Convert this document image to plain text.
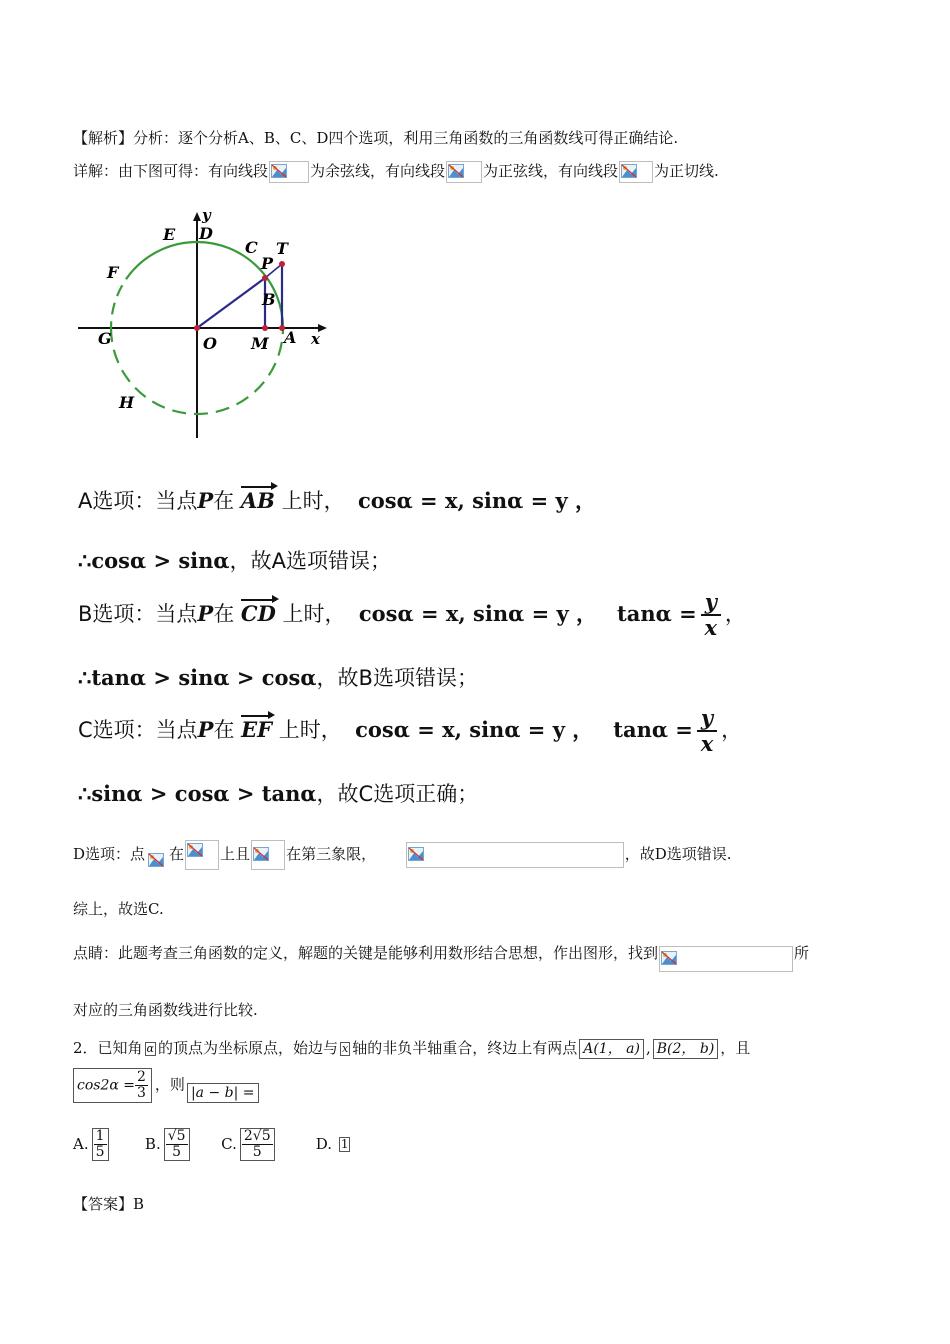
【解析】分析：逐个分析A、B、C、D四个选项，利用三角函数的三角函数线可得正确结论.
详解：由下图可得：有向线段	为余弦线，有向线段	为正弦线，有向线段 为正切线.
y
x
E D
C T
P
F
B
G	O M A
H
A选项：当点P在 AB 上时， cosα = x, sinα = y ，
∴cosα > sinα，故A选项错误；
B选项：当点P在 CD 上时， cosα = x, sinα = y ， $\tan\alpha = \frac{y}{x}$ ，
∴tanα > sinα > cosα，故B选项错误；
C选项：当点P在 EF 上时， cosα = x, sinα = y ， $\tan\alpha = \frac{y}{x}$ ，
∴sinα > cosα > tanα，故C选项正确；
D选项：点 在 上且 在第三象限，	，故D选项错误.
综上，故选C.
点睛：此题考查三角函数的定义，解题的关键是能够利用数形结合思想，作出图形，找到	所
对应的三角函数线进行比较.
2．已知角 α 的顶点为坐标原点，始边与 x 轴的非负半轴重合，终边上有两点 A(1， a) , B(2， b) ，且
$\cos 2\alpha = \frac{2}{3}$ ，则 |a − b| =
A. $\frac{1}{5}$	B. $\frac{√5}{5} C$. $\frac{2√5}{5}$	D. 1
【答案】B
